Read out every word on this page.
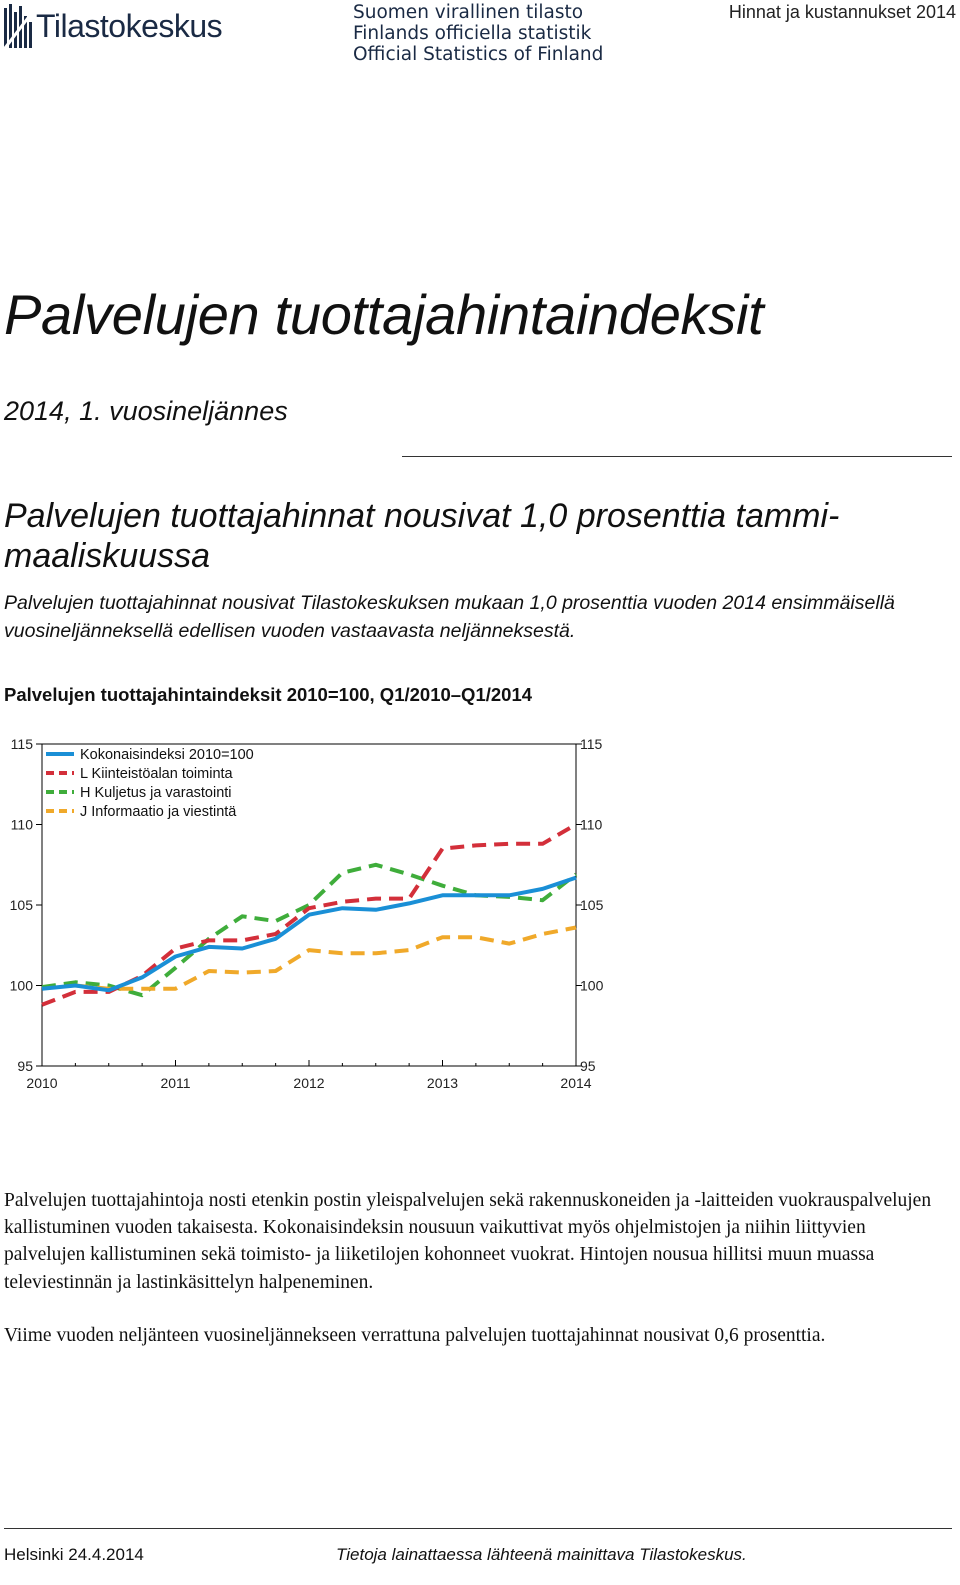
Tilastokeskus	Suomen virallinen tilasto
Finlands officiella statistik
Official Statistics of Finland
Hinnat ja kustannukset 2014
Palvelujen tuottajahintaindeksit
2014, 1. vuosineljännes
Palvelujen tuottajahinnat nousivat 1,0 prosenttia tammi-maaliskuussa
Palvelujen tuottajahinnat nousivat Tilastokeskuksen mukaan 1,0 prosenttia vuoden 2014 ensimmäisellä vuosineljänneksellä edellisen vuoden vastaavasta neljänneksestä.
Palvelujen tuottajahintaindeksit 2010=100, Q1/2010–Q1/2014
95	95
100	100
105	105
110	110
115	115
2010	2011	2012	2013	2014
Kokonaisindeksi 2010=100
L Kiinteistöalan toiminta
H Kuljetus ja varastointi
J Informaatio ja viestintä
Palvelujen tuottajahintoja nosti etenkin postin yleispalvelujen sekä rakennuskoneiden ja -laitteiden vuokrauspalvelujen kallistuminen vuoden takaisesta. Kokonaisindeksin nousuun vaikuttivat myös ohjelmistojen ja niihin liittyvien palvelujen kallistuminen sekä toimisto- ja liiketilojen kohonneet vuokrat. Hintojen nousua hillitsi muun muassa televiestinnän ja lastinkäsittelyn halpeneminen.
Viime vuoden neljänteen vuosineljännekseen verrattuna palvelujen tuottajahinnat nousivat 0,6 prosenttia.
Helsinki 24.4.2014	Tietoja lainattaessa lähteenä mainittava Tilastokeskus.
